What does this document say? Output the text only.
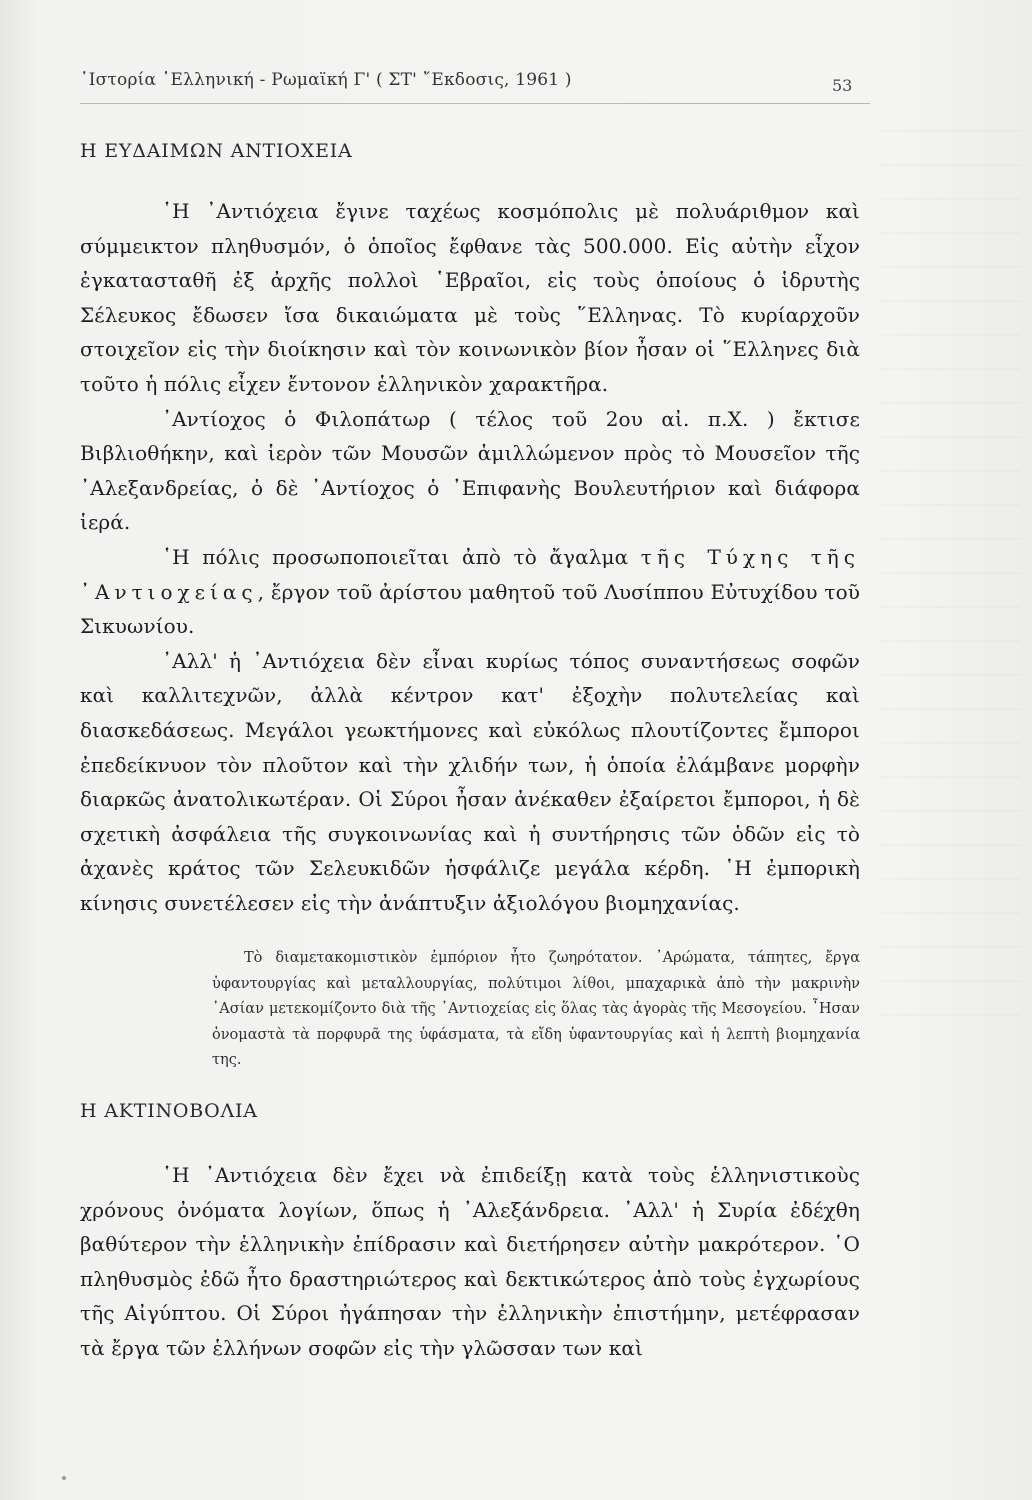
῾Ιστορία ῾Ελληνική - Ρωμαϊκή Γ' ( ΣΤ' ῎Εκδοσις, 1961 )	53
Η ΕΥΔΑΙΜΩΝ ΑΝΤΙΟΧΕΙΑ

῾Η ᾿Αντιόχεια ἔγινε ταχέως κοσμόπολις μὲ πολυάριθμον καὶ σύμμεικτον πληθυσμόν, ὁ ὁποῖος ἔφθανε τὰς 500.000. Εἰς αὐτὴν εἶχον ἐγκατασταθῆ ἐξ ἀρχῆς πολλοὶ ῾Εβραῖοι, εἰς τοὺς ὁποίους ὁ ἱδρυτὴς Σέλευκος ἔδωσεν ἴσα δικαιώματα μὲ τοὺς ῞Ελληνας. Τὸ κυρίαρχοῦν στοιχεῖον εἰς τὴν διοίκησιν καὶ τὸν κοινωνικὸν βίον ἦσαν οἱ ῞Ελληνες διὰ τοῦτο ἡ πόλις εἶχεν ἔντονον ἑλληνικὸν χαρακτῆρα.

᾿Αντίοχος ὁ Φιλοπάτωρ ( τέλος τοῦ 2ου αἰ. π.Χ. ) ἔκτισε Βιβλιοθήκην, καὶ ἱερὸν τῶν Μουσῶν ἁμιλλώμενον πρὸς τὸ Μουσεῖον τῆς ᾿Αλεξανδρείας, ὁ δὲ ᾿Αντίοχος ὁ ᾿Επιφανὴς Βουλευτήριον καὶ διάφορα ἱερά.

῾Η πόλις προσωποποιεῖται ἀπὸ τὸ ἄγαλμα τῆς Τύχης τῆς ᾿Αντιοχείας, ἔργον τοῦ ἀρίστου μαθητοῦ τοῦ Λυσίππου Εὐτυχίδου τοῦ Σικυωνίου.

᾿Αλλ' ἡ ᾿Αντιόχεια δὲν εἶναι κυρίως τόπος συναντήσεως σοφῶν καὶ καλλιτεχνῶν, ἀλλὰ κέντρον κατ' ἐξοχὴν πολυτελείας καὶ διασκεδάσεως. Μεγάλοι γεωκτήμονες καὶ εὐκόλως πλουτίζοντες ἔμποροι ἐπεδείκνυον τὸν πλοῦτον καὶ τὴν χλιδήν των, ἡ ὁποία ἐλάμβανε μορφὴν διαρκῶς ἀνατολικωτέραν. Οἱ Σύροι ἦσαν ἀνέκαθεν ἐξαίρετοι ἔμποροι, ἡ δὲ σχετικὴ ἀσφάλεια τῆς συγκοινωνίας καὶ ἡ συντήρησις τῶν ὁδῶν εἰς τὸ ἀχανὲς κράτος τῶν Σελευκιδῶν ἠσφάλιζε μεγάλα κέρδη. ῾Η ἐμπορικὴ κίνησις συνετέλεσεν εἰς τὴν ἀνάπτυξιν ἀξιολόγου βιομηχανίας.

Τὸ διαμετακομιστικὸν ἐμπόριον ἦτο ζωηρότατον. ᾿Αρώματα, τάπητες, ἔργα ὑφαντουργίας καὶ μεταλλουργίας, πολύτιμοι λίθοι, μπαχαρικὰ ἀπὸ τὴν μακρινὴν ᾿Ασίαν μετεκομίζοντο διὰ τῆς ᾿Αντιοχείας εἰς ὅλας τὰς ἀγορὰς τῆς Μεσογείου. ῏Ησαν ὀνομαστὰ τὰ πορφυρᾶ της ὑφάσματα, τὰ εἴδη ὑφαντουργίας καὶ ἡ λεπτὴ βιομηχανία της.

Η ΑΚΤΙΝΟΒΟΛΙΑ

῾Η ᾿Αντιόχεια δὲν ἔχει νὰ ἐπιδείξῃ κατὰ τοὺς ἑλληνιστικοὺς χρόνους ὀνόματα λογίων, ὅπως ἡ ᾿Αλεξάνδρεια. ᾿Αλλ' ἡ Συρία ἐδέχθη βαθύτερον τὴν ἑλληνικὴν ἐπίδρασιν καὶ διετήρησεν αὐτὴν μακρότερον. ῾Ο πληθυσμὸς ἐδῶ ἦτο δραστηριώτερος καὶ δεκτικώτερος ἀπὸ τοὺς ἐγχωρίους τῆς Αἰγύπτου. Οἱ Σύροι ἠγάπησαν τὴν ἑλληνικὴν ἐπιστήμην, μετέφρασαν τὰ ἔργα τῶν ἑλλήνων σοφῶν εἰς τὴν γλῶσσαν των καὶ
